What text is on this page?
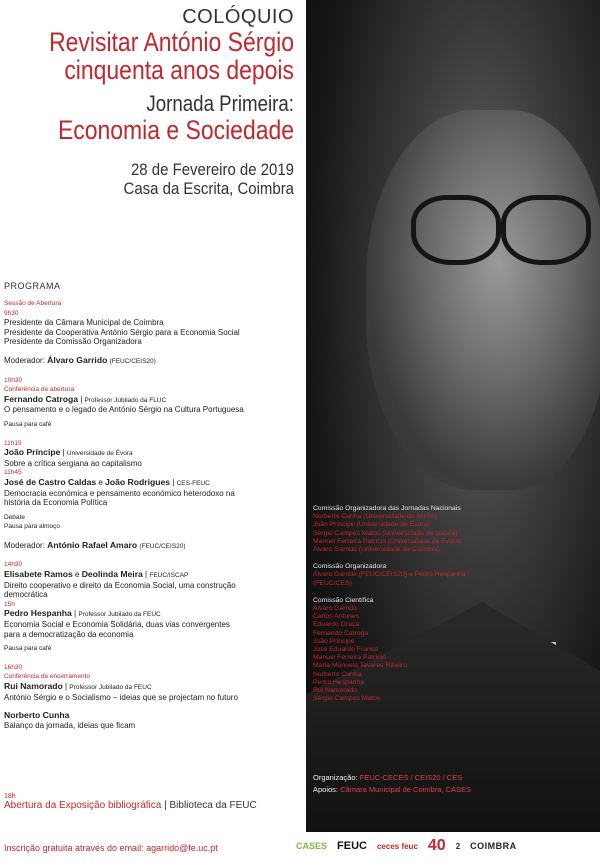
COLÓQUIO
Revisitar António Sérgio
cinquenta anos depois
Jornada Primeira:
Economia e Sociedade
28 de Fevereiro de 2019
Casa da Escrita, Coimbra
PROGRAMA
Sessão de Abertura
9h30
Presidente da Câmara Municipal de Coimbra
Presidente da Cooperativa António Sérgio para a Economia Social
Presidente da Comissão Organizadora
Moderador: Álvaro Garrido (FEUC/CEIS20)
10h30
Conferência de abertura
Fernando Catroga | Professor Jubilado da FLUC
O pensamento e o legado de António Sérgio na Cultura Portuguesa
Pausa para café
11h15
João Príncipe | Universidade de Évora
Sobre a crítica sergiana ao capitalismo
11h45
José de Castro Caldas e João Rodrigues | CES-FEUC
Democracia económica e pensamento económico heterodoxo na
história da Economia Política
Debate
Pausa para almoço
Moderador: António Rafael Amaro (FEUC/CEIS20)
14h30
Elisabete Ramos e Deolinda Meira | FEUC/ISCAP
Direito cooperativo e direito da Economia Social, uma construção
democrática
15h
Pedro Hespanha | Professor Jubilado da FEUC
Economia Social e Economia Solidária, duas vias convergentes
para a democratização da economia
Pausa para café
16h30
Conferência de encerramento
Rui Namorado | Professor Jubilado da FEUC
António Sérgio e o Socialismo – ideias que se projectam no futuro
Norberto Cunha
Balanço da jornada, ideias que ficam
18h
Abertura da Exposição bibliográfica | Biblioteca da FEUC
Comissão Organizadora das Jornadas Nacionais
Norberto Cunha (Universidade do Minho)
João Príncipe (Universidade de Évora)
Sérgio Campos Matos (Universidade de Lisboa)
Manuel Ferreira Patrício (Universidade de Évora)
Álvaro Garrido (Universidade de Coimbra)
Comissão Organizadora
Álvaro Garrido (FEUC/CEIS20) e Pedro Hespanha
(FEUC/CES)
Comissão Científica
Álvaro Garrido
Carlos Antunes
Eduardo Graça
Fernando Catroga
João Príncipe
José Eduardo Franco
Manuel Ferreira Patrício
Maria Manuela Tavares Ribeiro
Norberto Cunha
Pedro Hespanha
Rui Namorado
Sérgio Campos Matos
Organização: FEUC-CECES / CEIS20 / CES
Apoios: Câmara Municipal de Coimbra, CASES
Inscrição gratuita através do email: agarrido@fe.uc.pt	CASES FEUC ceces feuc 40 2 COIMBRA
